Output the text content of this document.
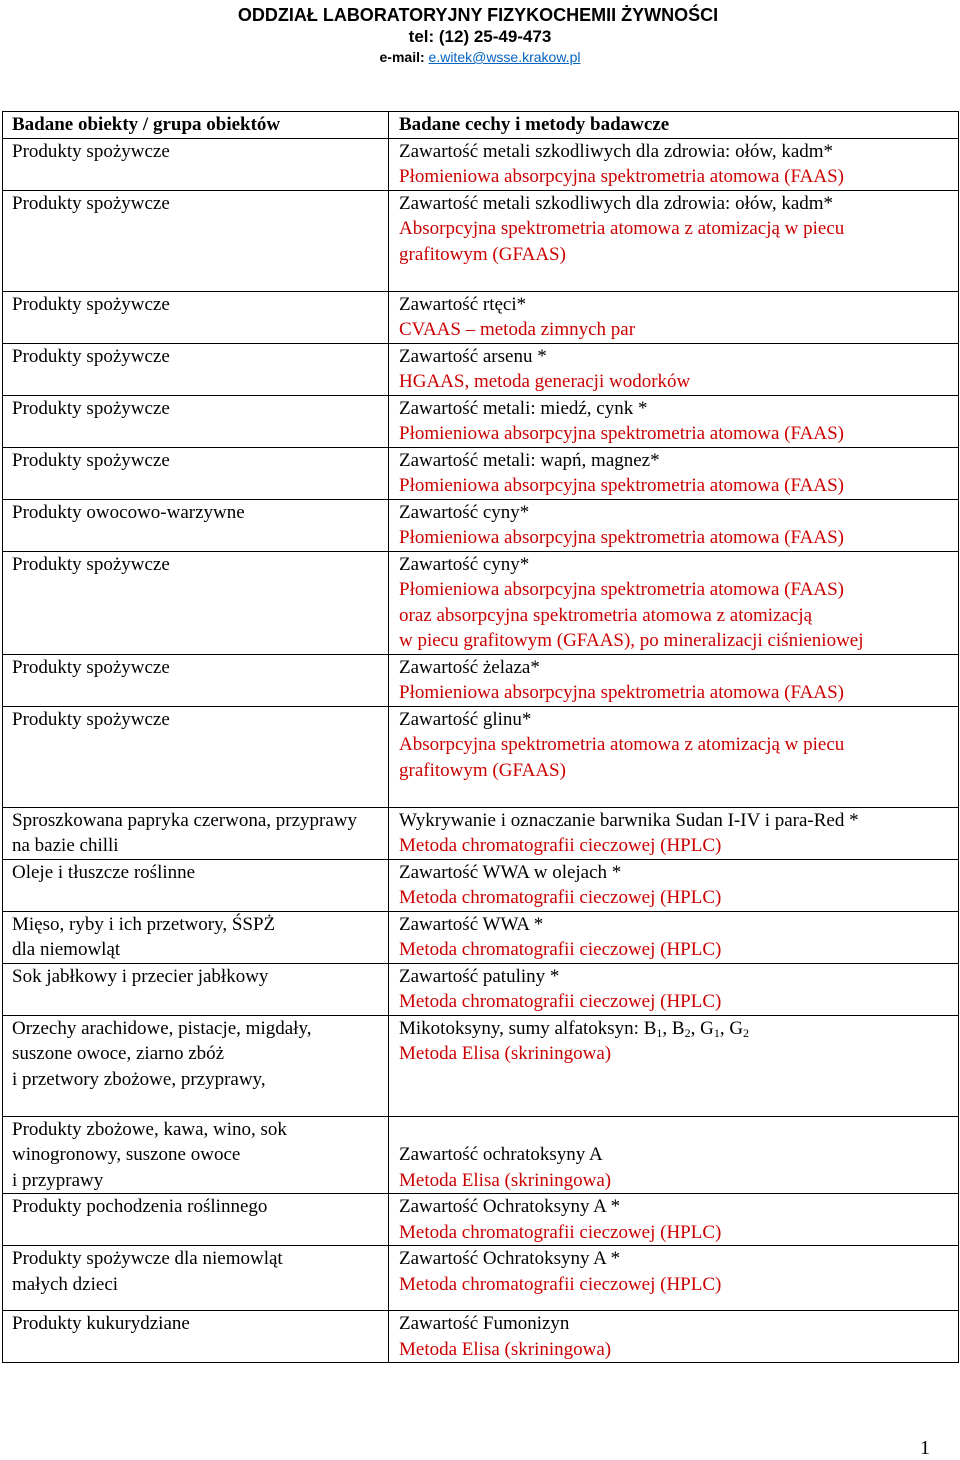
ODDZIAŁ LABORATORYJNY FIZYKOCHEMII ŻYWNOŚCI
tel: (12) 25-49-473
e-mail: e.witek@wsse.krakow.pl
Badane obiekty / grupa obiektów	Badane cechy i metody badawcze

Produkty spożywcze	Zawartość metali szkodliwych dla zdrowia: ołów, kadm*
Płomieniowa absorpcyjna spektrometria atomowa (FAAS)

Produkty spożywcze	Zawartość metali szkodliwych dla zdrowia: ołów, kadm*
Absorpcyjna spektrometria atomowa z atomizacją w piecu
grafitowym (GFAAS)

Produkty spożywcze	Zawartość rtęci*
CVAAS – metoda zimnych par

Produkty spożywcze	Zawartość arsenu *
HGAAS, metoda generacji wodorków

Produkty spożywcze	Zawartość metali: miedź, cynk *
Płomieniowa absorpcyjna spektrometria atomowa (FAAS)

Produkty spożywcze	Zawartość metali: wapń, magnez*
Płomieniowa absorpcyjna spektrometria atomowa (FAAS)

Produkty owocowo-warzywne	Zawartość cyny*
Płomieniowa absorpcyjna spektrometria atomowa (FAAS)

Produkty spożywcze	Zawartość cyny*
Płomieniowa absorpcyjna spektrometria atomowa (FAAS)
oraz absorpcyjna spektrometria atomowa z atomizacją
w piecu grafitowym (GFAAS), po mineralizacji ciśnieniowej

Produkty spożywcze	Zawartość żelaza*
Płomieniowa absorpcyjna spektrometria atomowa (FAAS)

Produkty spożywcze	Zawartość glinu*
Absorpcyjna spektrometria atomowa z atomizacją w piecu
grafitowym (GFAAS)

Sproszkowana papryka czerwona, przyprawy
na bazie chilli	Wykrywanie i oznaczanie barwnika Sudan I-IV i para-Red *
Metoda chromatografii cieczowej (HPLC)

Oleje i tłuszcze roślinne	Zawartość WWA w olejach *
Metoda chromatografii cieczowej (HPLC)

Mięso, ryby i ich przetwory, ŚSPŻ
dla niemowląt	Zawartość WWA *
Metoda chromatografii cieczowej (HPLC)

Sok jabłkowy i przecier jabłkowy	Zawartość patuliny *
Metoda chromatografii cieczowej (HPLC)

Orzechy arachidowe, pistacje, migdały,
suszone owoce, ziarno zbóż
i przetwory zbożowe, przyprawy,	Mikotoksyny, sumy alfatoksyn: $B_1$, $B_2$, $G_1$, $G_2$
Metoda Elisa (skriningowa)

Produkty zbożowe, kawa, wino, sok
winogronowy, suszone owoce
i przyprawy	Zawartość ochratoksyny A
Metoda Elisa (skriningowa)

Produkty pochodzenia roślinnego	Zawartość Ochratoksyny A *
Metoda chromatografii cieczowej (HPLC)

Produkty spożywcze dla niemowląt
małych dzieci	Zawartość Ochratoksyny A *
Metoda chromatografii cieczowej (HPLC)

Produkty kukurydziane	Zawartość Fumonizyn
Metoda Elisa (skriningowa)
1
